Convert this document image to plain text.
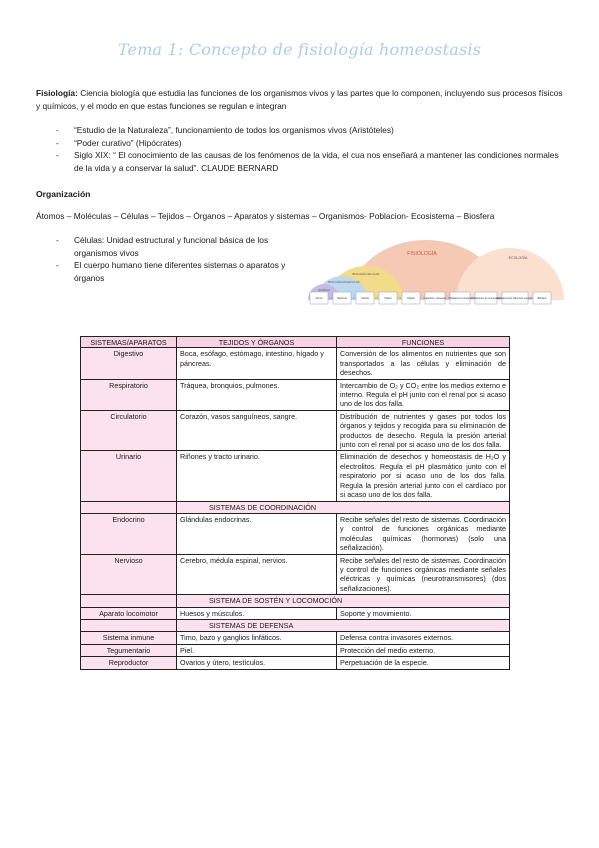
Tema 1: Concepto de fisiología homeostasis

Fisiología: Ciencia biología que estudia las funciones de los organismos vivos y las partes que lo componen, incluyendo sus procesos físicos y químicos, y el modo en que estas funciones se regulan e integran

- “Estudio de la Naturaleza”, funcionamiento de todos los organismos vivos (Aristóteles)
- “Poder curativo” (Hipócrates)
- Siglo XIX: “ El conocimiento de las causas de los fenómenos de la vida, el cua nos enseñará a mantener las condiciones normales de la vida y a conservar la salud”. CLAUDE BERNARD
Organización
Átomos – Moléculas – Células – Tejidos – Órganos – Aparatos y sistemas – Organismos- Poblacion- Ecosistema – Biosfera
- Células: Unidad estructural y funcional básica de los organismos vivos
- El cuerpo humano tiene diferentes sistemas o aparatos y órganos
FISIOLOGÍA
ECOLOGÍA
BIOLOGÍA CELULAR
BIOLOGÍA MOLECULAR
QUÍMICA
Átomo	Molécula	Células	Tejidos	Órgano	Aparatos y sistemas	Organismo completo Poblaciones de una especie
Ecosistema de diferentes especies	Biósfera
SISTEMAS/APARATOS	TEJIDOS Y ÓRGANOS	FUNCIONES
Digestivo	Boca, esófago, estómago, intestino, hígado y páncreas.	Conversión de los alimentos en nutrientes que son transportados a las células y eliminación de desechos.
Respiratorio	Tráquea, bronquios, pulmones.	Intercambio de O₂ y CO₂ entre los medios externo e interno. Regula el pH junto con el renal por si acaso uno de los dos falla.
Circulatorio	Corazón, vasos sanguíneos, sangre.	Distribución de nutrientes y gases por todos los órganos y tejidos y recogida para su eliminación de productos de desecho. Regula la presión arterial junto con el renal por si acaso uno de los dos falla.
Urinario	Riñones y tracto urinario.	Eliminación de desechos y homeostasis de H₂O y electrolitos. Regula el pH plasmático junto con el respiratorio por si acaso uno de los dos falla. Regula la presión arterial junto con el cardíaco por si acaso uno de los dos falla.
	SISTEMAS DE COORDINACIÓN	
Endocrino	Glándulas endocrinas.	Recibe señales del resto de sistemas. Coordinación y control de funciones orgánicas mediante moléculas químicas (hormonas) (solo una señalización).
Nervioso	Cerebro, médula espinal, nervios.	Recibe señales del resto de sistemas. Coordinación y control de funciones orgánicas mediante señales eléctricas y químicas (neurotransmisores) (dos señalizaciones).
	SISTEMA DE SOSTÉN Y LOCOMOCIÓN	
Aparato locomotor	Huesos y músculos.	Soporte y movimiento.
	SISTEMAS DE DEFENSA	
Sistema inmune	Timo, bazo y ganglios linfáticos.	Defensa contra invasores externos.
Tegumentario	Piel.	Protección del medio externo.
Reproductor	Ovarios y útero, testículos.	Perpetuación de la especie.
